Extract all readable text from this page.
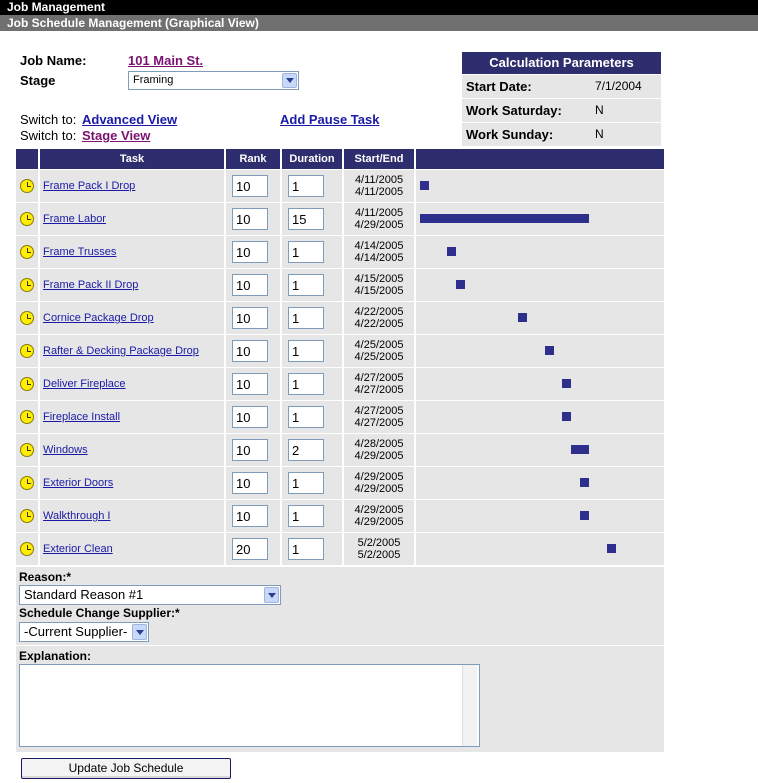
Job Management
Job Schedule Management (Graphical View)
Job Name:	101 Main St.
Stage	Framing
Switch to: Advanced View
Switch to: Stage View
Add Pause Task
Calculation Parameters
Start Date:	7/1/2004
Work Saturday:	N
Work Sunday:	N
	Task	Rank	Duration	Start/End	

	Frame Pack I Drop	10	1	4/11/2005
4/11/2005	

	Frame Labor	10	15	4/11/2005
4/29/2005	

	Frame Trusses	10	1	4/14/2005
4/14/2005	

	Frame Pack II Drop	10	1	4/15/2005
4/15/2005	

	Cornice Package Drop	10	1	4/22/2005
4/22/2005	

	Rafter & Decking Package Drop	10	1	4/25/2005
4/25/2005	

	Deliver Fireplace	10	1	4/27/2005
4/27/2005	

	Fireplace Install	10	1	4/27/2005
4/27/2005	

	Windows	10	2	4/28/2005
4/29/2005	

	Exterior Doors	10	1	4/29/2005
4/29/2005	

	Walkthrough I	10	1	4/29/2005
4/29/2005	

	Exterior Clean	20	1	5/2/2005
5/2/2005	

Reason:*
Standard Reason #1
Schedule Change Supplier:*
-Current Supplier-
Explanation:
Update Job Schedule
